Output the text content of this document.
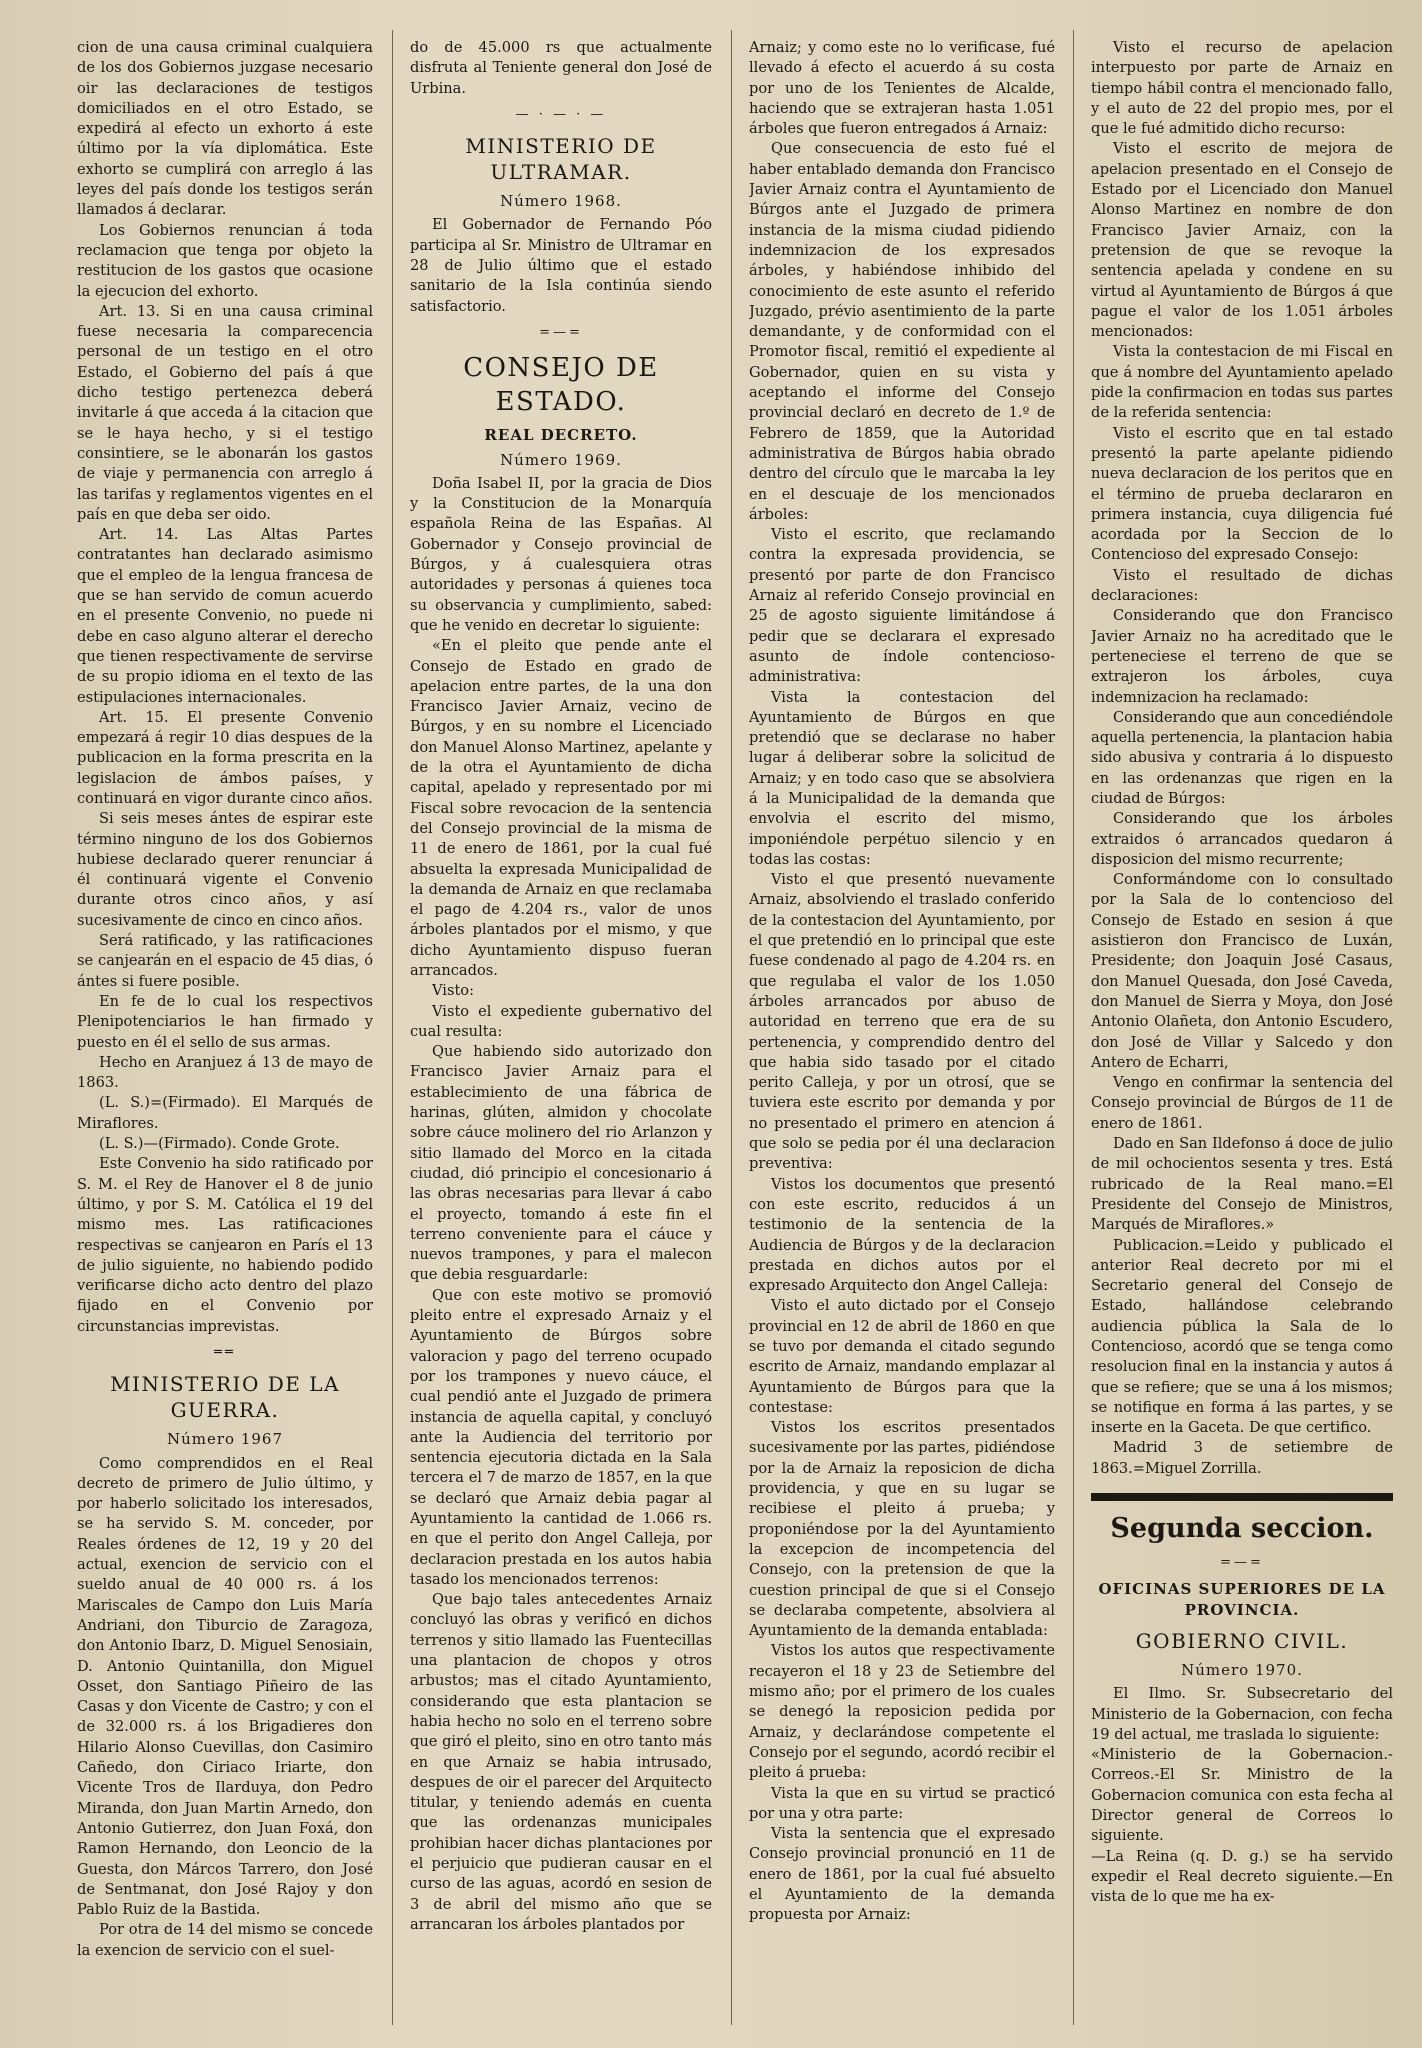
cion de una causa criminal cualquiera de los dos Gobiernos juzgase necesario oir las declaraciones de testigos domiciliados en el otro Estado, se expedirá al efecto un exhorto á este último por la vía diplomática. Este exhorto se cumplirá con arreglo á las leyes del país donde los testigos serán llamados á declarar.

Los Gobiernos renuncian á toda reclamacion que tenga por objeto la restitucion de los gastos que ocasione la ejecucion del exhorto.

Art. 13. Si en una causa criminal fuese necesaria la comparecencia personal de un testigo en el otro Estado, el Gobierno del país á que dicho testigo pertenezca deberá invitarle á que acceda á la citacion que se le haya hecho, y si el testigo consintiere, se le abonarán los gastos de viaje y permanencia con arreglo á las tarifas y reglamentos vigentes en el país en que deba ser oido.

Art. 14. Las Altas Partes contratantes han declarado asimismo que el empleo de la lengua francesa de que se han servido de comun acuerdo en el presente Convenio, no puede ni debe en caso alguno alterar el derecho que tienen respectivamente de servirse de su propio idioma en el texto de las estipulaciones internacionales.

Art. 15. El presente Convenio empezará á regir 10 dias despues de la publicacion en la forma prescrita en la legislacion de ámbos países, y continuará en vigor durante cinco años.

Si seis meses ántes de espirar este término ninguno de los dos Gobiernos hubiese declarado querer renunciar á él continuará vigente el Convenio durante otros cinco años, y así sucesivamente de cinco en cinco años.

Será ratificado, y las ratificaciones se canjearán en el espacio de 45 dias, ó ántes si fuere posible.

En fe de lo cual los respectivos Plenipotenciarios le han firmado y puesto en él el sello de sus armas.

Hecho en Aranjuez á 13 de mayo de 1863.

(L. S.)=(Firmado). El Marqués de Miraflores.

(L. S.)—(Firmado). Conde Grote.

Este Convenio ha sido ratificado por S. M. el Rey de Hanover el 8 de junio último, y por S. M. Católica el 19 del mismo mes. Las ratificaciones respectivas se canjearon en París el 13 de julio siguiente, no habiendo podido verificarse dicho acto dentro del plazo fijado en el Convenio por circunstancias imprevistas.

══
MINISTERIO DE LA GUERRA.
Número 1967

Como comprendidos en el Real decreto de primero de Julio último, y por haberlo solicitado los interesados, se ha servido S. M. conceder, por Reales órdenes de 12, 19 y 20 del actual, exencion de servicio con el sueldo anual de 40 000 rs. á los Mariscales de Campo don Luis María Andriani, don Tiburcio de Zaragoza, don Antonio Ibarz, D. Miguel Senosiain, D. Antonio Quintanilla, don Miguel Osset, don Santiago Piñeiro de las Casas y don Vicente de Castro; y con el de 32.000 rs. á los Brigadieres don Hilario Alonso Cuevillas, don Casimiro Cañedo, don Ciriaco Iriarte, don Vicente Tros de Ilarduya, don Pedro Miranda, don Juan Martin Arnedo, don Antonio Gutierrez, don Juan Foxá, don Ramon Hernando, don Leoncio de la Guesta, don Márcos Tarrero, don José de Sentmanat, don José Rajoy y don Pablo Ruiz de la Bastida.

Por otra de 14 del mismo se concede la exencion de servicio con el suel-

do de 45.000 rs que actualmente disfruta al Teniente general don José de Urbina.

— · — · —
MINISTERIO DE ULTRAMAR.
Número 1968.

El Gobernador de Fernando Póo participa al Sr. Ministro de Ultramar en 28 de Julio último que el estado sanitario de la Isla continúa siendo satisfactorio.

=—=
CONSEJO DE ESTADO.
REAL DECRETO.
Número 1969.

Doña Isabel II, por la gracia de Dios y la Constitucion de la Monarquía española Reina de las Españas. Al Gobernador y Consejo provincial de Búrgos, y á cualesquiera otras autoridades y personas á quienes toca su observancia y cumplimiento, sabed: que he venido en decretar lo siguiente:

«En el pleito que pende ante el Consejo de Estado en grado de apelacion entre partes, de la una don Francisco Javier Arnaiz, vecino de Búrgos, y en su nombre el Licenciado don Manuel Alonso Martinez, apelante y de la otra el Ayuntamiento de dicha capital, apelado y representado por mi Fiscal sobre revocacion de la sentencia del Consejo provincial de la misma de 11 de enero de 1861, por la cual fué absuelta la expresada Municipalidad de la demanda de Arnaiz en que reclamaba el pago de 4.204 rs., valor de unos árboles plantados por el mismo, y que dicho Ayuntamiento dispuso fueran arrancados.

Visto:

Visto el expediente gubernativo del cual resulta:

Que habiendo sido autorizado don Francisco Javier Arnaiz para el establecimiento de una fábrica de harinas, glúten, almidon y chocolate sobre cáuce molinero del rio Arlanzon y sitio llamado del Morco en la citada ciudad, dió principio el concesionario á las obras necesarias para llevar á cabo el proyecto, tomando á este fin el terreno conveniente para el cáuce y nuevos trampones, y para el malecon que debia resguardarle:

Que con este motivo se promovió pleito entre el expresado Arnaiz y el Ayuntamiento de Búrgos sobre valoracion y pago del terreno ocupado por los trampones y nuevo cáuce, el cual pendió ante el Juzgado de primera instancia de aquella capital, y concluyó ante la Audiencia del territorio por sentencia ejecutoria dictada en la Sala tercera el 7 de marzo de 1857, en la que se declaró que Arnaiz debia pagar al Ayuntamiento la cantidad de 1.066 rs. en que el perito don Angel Calleja, por declaracion prestada en los autos habia tasado los mencionados terrenos:

Que bajo tales antecedentes Arnaiz concluyó las obras y verificó en dichos terrenos y sitio llamado las Fuentecillas una plantacion de chopos y otros arbustos; mas el citado Ayuntamiento, considerando que esta plantacion se habia hecho no solo en el terreno sobre que giró el pleito, sino en otro tanto más en que Arnaiz se habia intrusado, despues de oir el parecer del Arquitecto titular, y teniendo además en cuenta que las ordenanzas municipales prohibian hacer dichas plantaciones por el perjuicio que pudieran causar en el curso de las aguas, acordó en sesion de 3 de abril del mismo año que se arrancaran los árboles plantados por

Arnaiz; y como este no lo verificase, fué llevado á efecto el acuerdo á su costa por uno de los Tenientes de Alcalde, haciendo que se extrajeran hasta 1.051 árboles que fueron entregados á Arnaiz:

Que consecuencia de esto fué el haber entablado demanda don Francisco Javier Arnaiz contra el Ayuntamiento de Búrgos ante el Juzgado de primera instancia de la misma ciudad pidiendo indemnizacion de los expresados árboles, y habiéndose inhibido del conocimiento de este asunto el referido Juzgado, prévio asentimiento de la parte demandante, y de conformidad con el Promotor fiscal, remitió el expediente al Gobernador, quien en su vista y aceptando el informe del Consejo provincial declaró en decreto de 1.º de Febrero de 1859, que la Autoridad administrativa de Búrgos habia obrado dentro del círculo que le marcaba la ley en el descuaje de los mencionados árboles:

Visto el escrito, que reclamando contra la expresada providencia, se presentó por parte de don Francisco Arnaiz al referido Consejo provincial en 25 de agosto siguiente limitándose á pedir que se declarara el expresado asunto de índole contencioso-administrativa:

Vista la contestacion del Ayuntamiento de Búrgos en que pretendió que se declarase no haber lugar á deliberar sobre la solicitud de Arnaiz; y en todo caso que se absolviera á la Municipalidad de la demanda que envolvia el escrito del mismo, imponiéndole perpétuo silencio y en todas las costas:

Visto el que presentó nuevamente Arnaiz, absolviendo el traslado conferido de la contestacion del Ayuntamiento, por el que pretendió en lo principal que este fuese condenado al pago de 4.204 rs. en que regulaba el valor de los 1.050 árboles arrancados por abuso de autoridad en terreno que era de su pertenencia, y comprendido dentro del que habia sido tasado por el citado perito Calleja, y por un otrosí, que se tuviera este escrito por demanda y por no presentado el primero en atencion á que solo se pedia por él una declaracion preventiva:

Vistos los documentos que presentó con este escrito, reducidos á un testimonio de la sentencia de la Audiencia de Búrgos y de la declaracion prestada en dichos autos por el expresado Arquitecto don Angel Calleja:

Visto el auto dictado por el Consejo provincial en 12 de abril de 1860 en que se tuvo por demanda el citado segundo escrito de Arnaiz, mandando emplazar al Ayuntamiento de Búrgos para que la contestase:

Vistos los escritos presentados sucesivamente por las partes, pidiéndose por la de Arnaiz la reposicion de dicha providencia, y que en su lugar se recibiese el pleito á prueba; y proponiéndose por la del Ayuntamiento la excepcion de incompetencia del Consejo, con la pretension de que la cuestion principal de que si el Consejo se declaraba competente, absolviera al Ayuntamiento de la demanda entablada:

Vistos los autos que respectivamente recayeron el 18 y 23 de Setiembre del mismo año; por el primero de los cuales se denegó la reposicion pedida por Arnaiz, y declarándose competente el Consejo por el segundo, acordó recibir el pleito á prueba:

Vista la que en su virtud se practicó por una y otra parte:

Vista la sentencia que el expresado Consejo provincial pronunció en 11 de enero de 1861, por la cual fué absuelto el Ayuntamiento de la demanda propuesta por Arnaiz:

Visto el recurso de apelacion interpuesto por parte de Arnaiz en tiempo hábil contra el mencionado fallo, y el auto de 22 del propio mes, por el que le fué admitido dicho recurso:

Visto el escrito de mejora de apelacion presentado en el Consejo de Estado por el Licenciado don Manuel Alonso Martinez en nombre de don Francisco Javier Arnaiz, con la pretension de que se revoque la sentencia apelada y condene en su virtud al Ayuntamiento de Búrgos á que pague el valor de los 1.051 árboles mencionados:

Vista la contestacion de mi Fiscal en que á nombre del Ayuntamiento apelado pide la confirmacion en todas sus partes de la referida sentencia:

Visto el escrito que en tal estado presentó la parte apelante pidiendo nueva declaracion de los peritos que en el término de prueba declararon en primera instancia, cuya diligencia fué acordada por la Seccion de lo Contencioso del expresado Consejo:

Visto el resultado de dichas declaraciones:

Considerando que don Francisco Javier Arnaiz no ha acreditado que le perteneciese el terreno de que se extrajeron los árboles, cuya indemnizacion ha reclamado:

Considerando que aun concediéndole aquella pertenencia, la plantacion habia sido abusiva y contraria á lo dispuesto en las ordenanzas que rigen en la ciudad de Búrgos:

Considerando que los árboles extraidos ó arrancados quedaron á disposicion del mismo recurrente;

Conformándome con lo consultado por la Sala de lo contencioso del Consejo de Estado en sesion á que asistieron don Francisco de Luxán, Presidente; don Joaquin José Casaus, don Manuel Quesada, don José Caveda, don Manuel de Sierra y Moya, don José Antonio Olañeta, don Antonio Escudero, don José de Villar y Salcedo y don Antero de Echarri,

Vengo en confirmar la sentencia del Consejo provincial de Búrgos de 11 de enero de 1861.

Dado en San Ildefonso á doce de julio de mil ochocientos sesenta y tres. Está rubricado de la Real mano.=El Presidente del Consejo de Ministros, Marqués de Miraflores.»

Publicacion.=Leido y publicado el anterior Real decreto por mi el Secretario general del Consejo de Estado, hallándose celebrando audiencia pública la Sala de lo Contencioso, acordó que se tenga como resolucion final en la instancia y autos á que se refiere; que se una á los mismos; se notifique en forma á las partes, y se inserte en la Gaceta. De que certifico.

Madrid 3 de setiembre de 1863.=Miguel Zorrilla.

Segunda seccion.
=—=
OFICINAS SUPERIORES DE LA PROVINCIA.
GOBIERNO CIVIL.
Número 1970.

El Ilmo. Sr. Subsecretario del Ministerio de la Gobernacion, con fecha 19 del actual, me traslada lo siguiente:

«Ministerio de la Gobernacion.-Correos.-El Sr. Ministro de la Gobernacion comunica con esta fecha al Director general de Correos lo siguiente.

—La Reina (q. D. g.) se ha servido expedir el Real decreto siguiente.—En vista de lo que me ha ex-
